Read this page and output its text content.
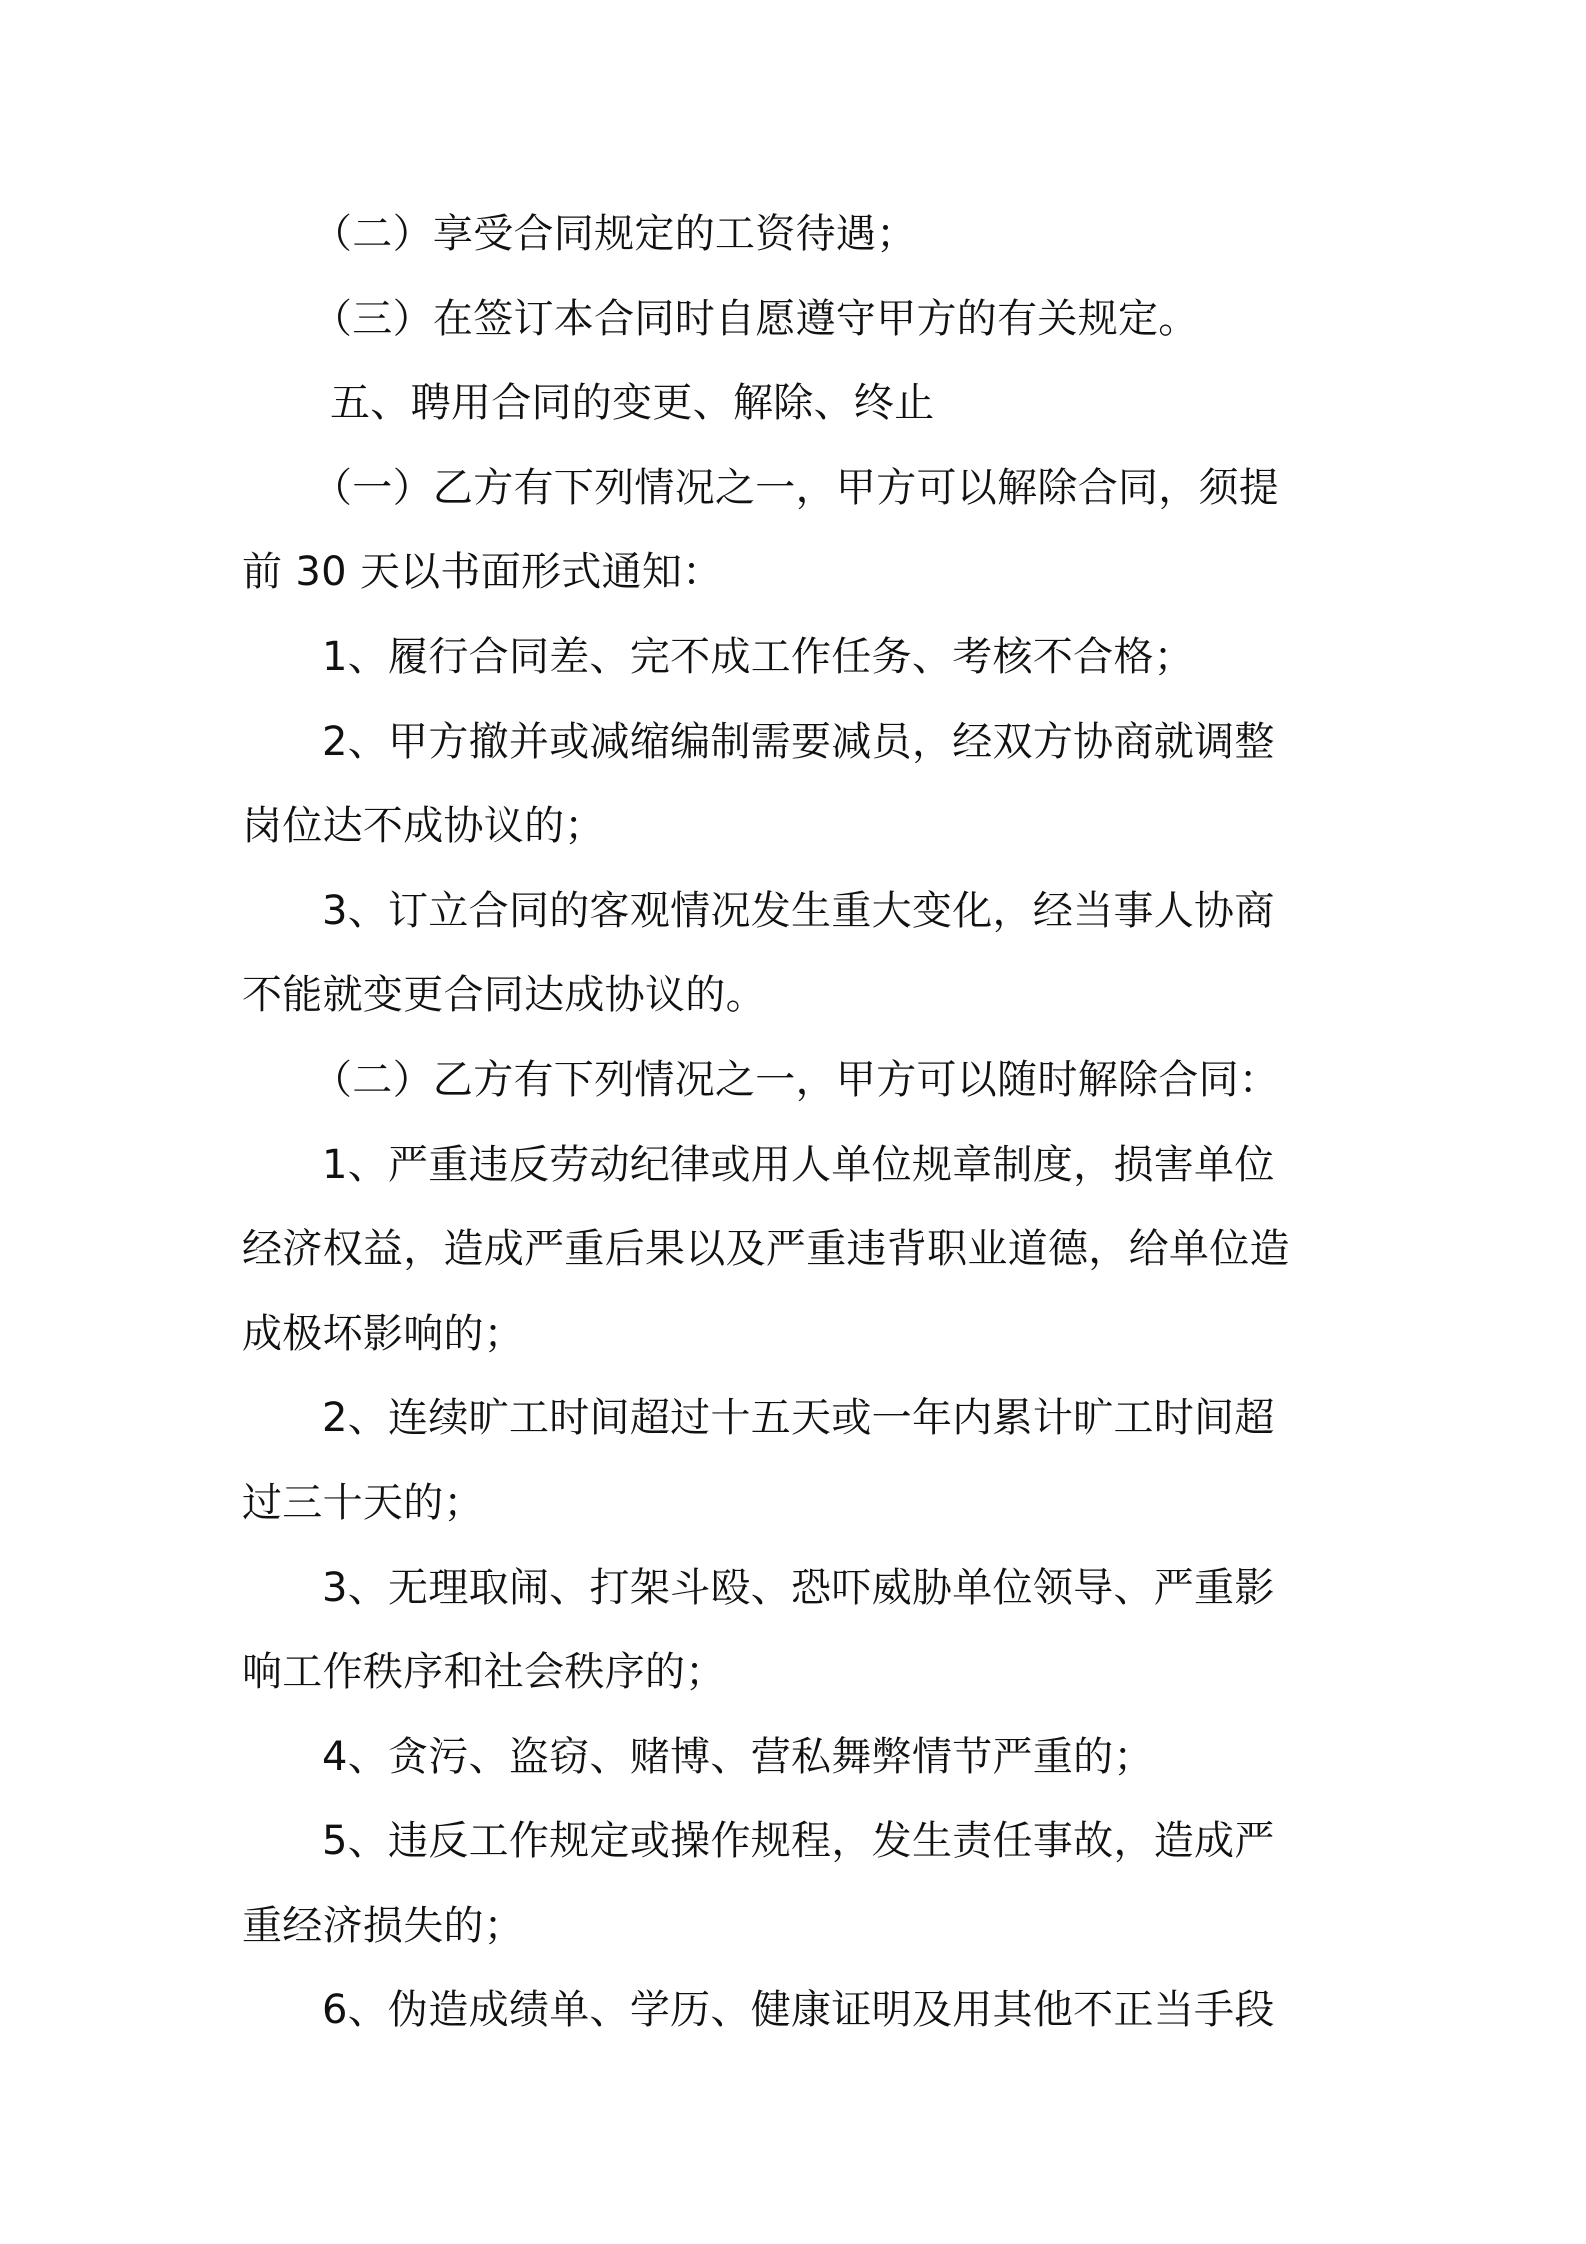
（二）享受合同规定的工资待遇；
（三）在签订本合同时自愿遵守甲方的有关规定。
五、聘用合同的变更、解除、终止
（一）乙方有下列情况之一，甲方可以解除合同，须提
前 30 天以书面形式通知：
1、履行合同差、完不成工作任务、考核不合格；
2、甲方撤并或减缩编制需要减员，经双方协商就调整
岗位达不成协议的；
3、订立合同的客观情况发生重大变化，经当事人协商
不能就变更合同达成协议的。
（二）乙方有下列情况之一，甲方可以随时解除合同：
1、严重违反劳动纪律或用人单位规章制度，损害单位
经济权益，造成严重后果以及严重违背职业道德，给单位造
成极坏影响的；
2、连续旷工时间超过十五天或一年内累计旷工时间超
过三十天的；
3、无理取闹、打架斗殴、恐吓威胁单位领导、严重影
响工作秩序和社会秩序的；
4、贪污、盗窃、赌博、营私舞弊情节严重的；
5、违反工作规定或操作规程，发生责任事故，造成严
重经济损失的；
6、伪造成绩单、学历、健康证明及用其他不正当手段
